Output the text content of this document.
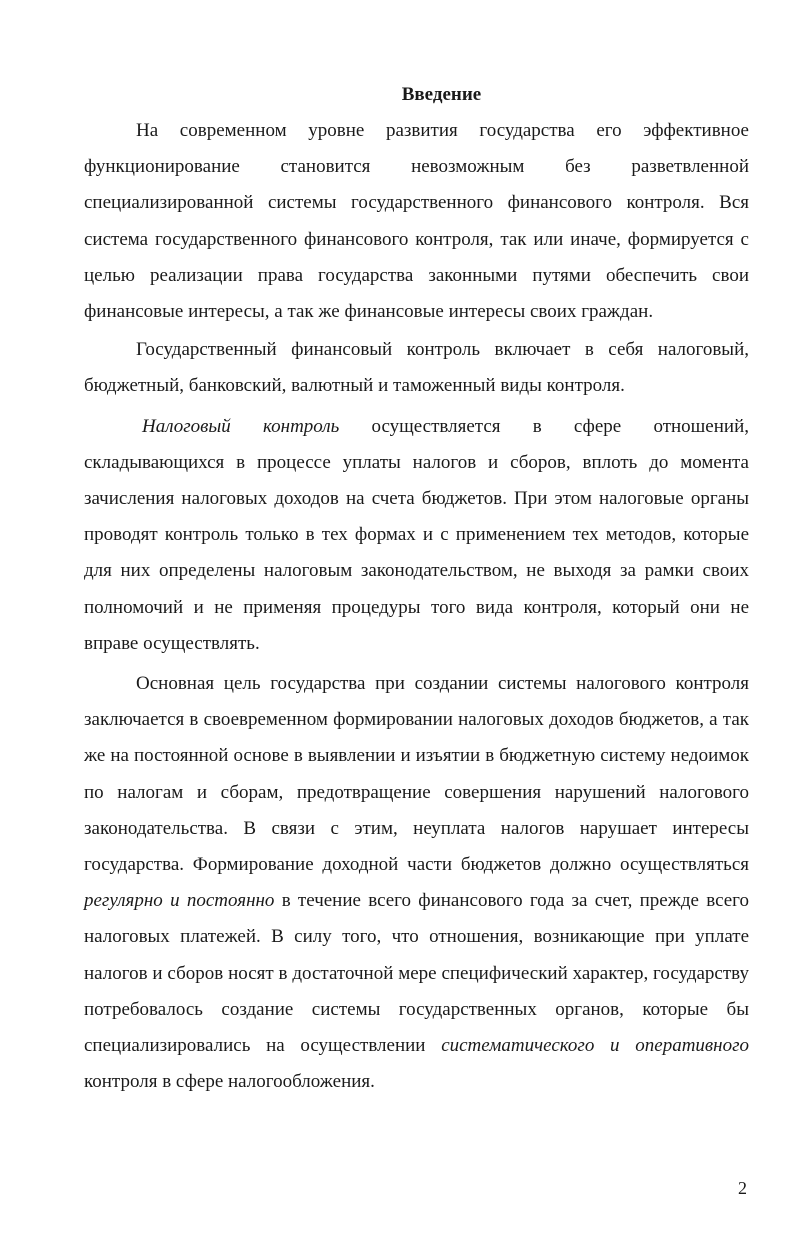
Введение

На современном уровне развития государства его эффективное функционирование становится невозможным без разветвленной специализированной системы государственного финансового контроля. Вся система государственного финансового контроля, так или иначе, формируется с целью реализации права государства законными путями обеспечить свои финансовые интересы, а так же финансовые интересы своих граждан.

Государственный финансовый контроль включает в себя налоговый, бюджетный, банковский, валютный и таможенный виды контроля.

Налоговый контроль осуществляется в сфере отношений, складывающихся в процессе уплаты налогов и сборов, вплоть до момента зачисления налоговых доходов на счета бюджетов. При этом налоговые органы проводят контроль только в тех формах и с применением тех методов, которые для них определены налоговым законодательством, не выходя за рамки своих полномочий и не применяя процедуры того вида контроля, который они не вправе осуществлять.

Основная цель государства при создании системы налогового контроля заключается в своевременном формировании налоговых доходов бюджетов, а так же на постоянной основе в выявлении и изъятии в бюджетную систему недоимок по налогам и сборам, предотвращение совершения нарушений налогового законодательства. В связи с этим, неуплата налогов нарушает интересы государства. Формирование доходной части бюджетов должно осуществляться регулярно и постоянно в течение всего финансового года за счет, прежде всего налоговых платежей. В силу того, что отношения, возникающие при уплате налогов и сборов носят в достаточной мере специфический характер, государству потребовалось создание системы государственных органов, которые бы специализировались на осуществлении систематического и оперативного контроля в сфере налогообложения.

2
